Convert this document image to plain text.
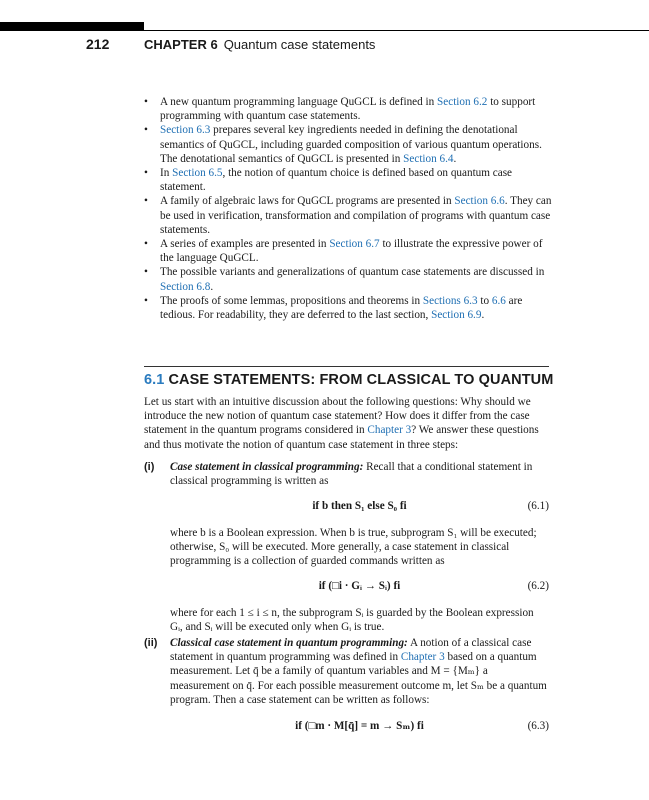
212	CHAPTER 6 Quantum case statements
• A new quantum programming language QuGCL is defined in Section 6.2 to support programming with quantum case statements.
• Section 6.3 prepares several key ingredients needed in defining the denotational semantics of QuGCL, including guarded composition of various quantum operations. The denotational semantics of QuGCL is presented in Section 6.4.
• In Section 6.5, the notion of quantum choice is defined based on quantum case statement.
• A family of algebraic laws for QuGCL programs are presented in Section 6.6. They can be used in verification, transformation and compilation of programs with quantum case statements.
• A series of examples are presented in Section 6.7 to illustrate the expressive power of the language QuGCL.
• The possible variants and generalizations of quantum case statements are discussed in Section 6.8.
• The proofs of some lemmas, propositions and theorems in Sections 6.3 to 6.6 are tedious. For readability, they are deferred to the last section, Section 6.9.
6.1 CASE STATEMENTS: FROM CLASSICAL TO QUANTUM

Let us start with an intuitive discussion about the following questions: Why should we introduce the new notion of quantum case statement? How does it differ from the case statement in the quantum programs considered in Chapter 3? We answer these questions and thus motivate the notion of quantum case statement in three steps:

(i) Case statement in classical programming: Recall that a conditional statement in classical programming is written as
if b then S₁ else S₀ fi	(6.1)

where b is a Boolean expression. When b is true, subprogram S₁ will be executed; otherwise, S₀ will be executed. More generally, a case statement in classical programming is a collection of guarded commands written as

if (□i · Gᵢ → Sᵢ) fi	(6.2)

where for each 1 ≤ i ≤ n, the subprogram Sᵢ is guarded by the Boolean expression Gᵢ, and Sᵢ will be executed only when Gᵢ is true.

(ii) Classical case statement in quantum programming: A notion of a classical case statement in quantum programming was defined in Chapter 3 based on a quantum measurement. Let q̄ be a family of quantum variables and M = {Mₘ} a measurement on q̄. For each possible measurement outcome m, let Sₘ be a quantum program. Then a case statement can be written as follows:
if (□m · M[q̄] = m → Sₘ) fi	(6.3)
